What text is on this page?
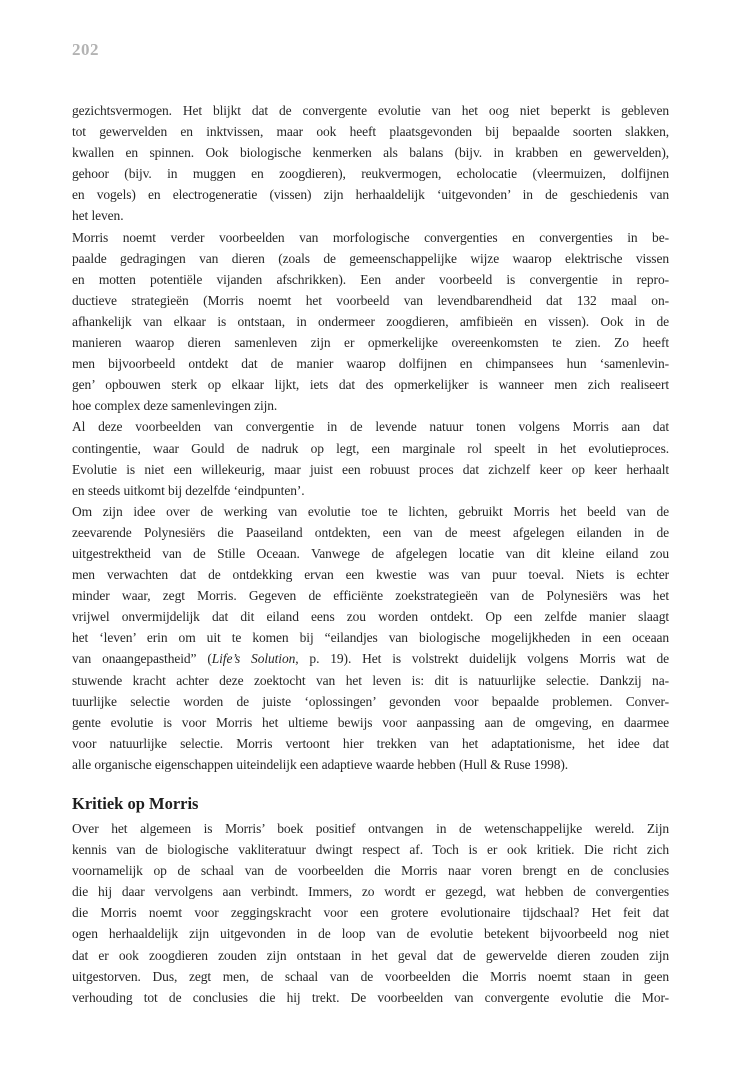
202
gezichtsvermogen. Het blijkt dat de convergente evolutie van het oog niet beperkt is gebleven
tot gewervelden en inktvissen, maar ook heeft plaatsgevonden bij bepaalde soorten slakken,
kwallen en spinnen. Ook biologische kenmerken als balans (bijv. in krabben en gewervelden),
gehoor (bijv. in muggen en zoogdieren), reukvermogen, echolocatie (vleermuizen, dolfijnen
en vogels) en electrogeneratie (vissen) zijn herhaaldelijk ‘uitgevonden’ in de geschiedenis van
het leven.
Morris noemt verder voorbeelden van morfologische convergenties en convergenties in be-
paalde gedragingen van dieren (zoals de gemeenschappelijke wijze waarop elektrische vissen
en motten potentiële vijanden afschrikken). Een ander voorbeeld is convergentie in repro-
ductieve strategieën (Morris noemt het voorbeeld van levendbarendheid dat 132 maal on-
afhankelijk van elkaar is ontstaan, in ondermeer zoogdieren, amfibieën en vissen). Ook in de
manieren waarop dieren samenleven zijn er opmerkelijke overeenkomsten te zien. Zo heeft
men bijvoorbeeld ontdekt dat de manier waarop dolfijnen en chimpansees hun ‘samenlevin-
gen’ opbouwen sterk op elkaar lijkt, iets dat des opmerkelijker is wanneer men zich realiseert
hoe complex deze samenlevingen zijn.
Al deze voorbeelden van convergentie in de levende natuur tonen volgens Morris aan dat
contingentie, waar Gould de nadruk op legt, een marginale rol speelt in het evolutieproces.
Evolutie is niet een willekeurig, maar juist een robuust proces dat zichzelf keer op keer herhaalt
en steeds uitkomt bij dezelfde ‘eindpunten’.
Om zijn idee over de werking van evolutie toe te lichten, gebruikt Morris het beeld van de
zeevarende Polynesiërs die Paaseiland ontdekten, een van de meest afgelegen eilanden in de
uitgestrektheid van de Stille Oceaan. Vanwege de afgelegen locatie van dit kleine eiland zou
men verwachten dat de ontdekking ervan een kwestie was van puur toeval. Niets is echter
minder waar, zegt Morris. Gegeven de efficiënte zoekstrategieën van de Polynesiërs was het
vrijwel onvermijdelijk dat dit eiland eens zou worden ontdekt. Op een zelfde manier slaagt
het ‘leven’ erin om uit te komen bij “eilandjes van biologische mogelijkheden in een oceaan
van onaangepastheid” (Life’s Solution, p. 19). Het is volstrekt duidelijk volgens Morris wat de
stuwende kracht achter deze zoektocht van het leven is: dit is natuurlijke selectie. Dankzij na-
tuurlijke selectie worden de juiste ‘oplossingen’ gevonden voor bepaalde problemen. Conver-
gente evolutie is voor Morris het ultieme bewijs voor aanpassing aan de omgeving, en daarmee
voor natuurlijke selectie. Morris vertoont hier trekken van het adaptationisme, het idee dat
alle organische eigenschappen uiteindelijk een adaptieve waarde hebben (Hull & Ruse 1998).
Kritiek op Morris
Over het algemeen is Morris’ boek positief ontvangen in de wetenschappelijke wereld. Zijn
kennis van de biologische vakliteratuur dwingt respect af. Toch is er ook kritiek. Die richt zich
voornamelijk op de schaal van de voorbeelden die Morris naar voren brengt en de conclusies
die hij daar vervolgens aan verbindt. Immers, zo wordt er gezegd, wat hebben de convergenties
die Morris noemt voor zeggingskracht voor een grotere evolutionaire tijdschaal? Het feit dat
ogen herhaaldelijk zijn uitgevonden in de loop van de evolutie betekent bijvoorbeeld nog niet
dat er ook zoogdieren zouden zijn ontstaan in het geval dat de gewervelde dieren zouden zijn
uitgestorven. Dus, zegt men, de schaal van de voorbeelden die Morris noemt staan in geen
verhouding tot de conclusies die hij trekt. De voorbeelden van convergente evolutie die Mor-
